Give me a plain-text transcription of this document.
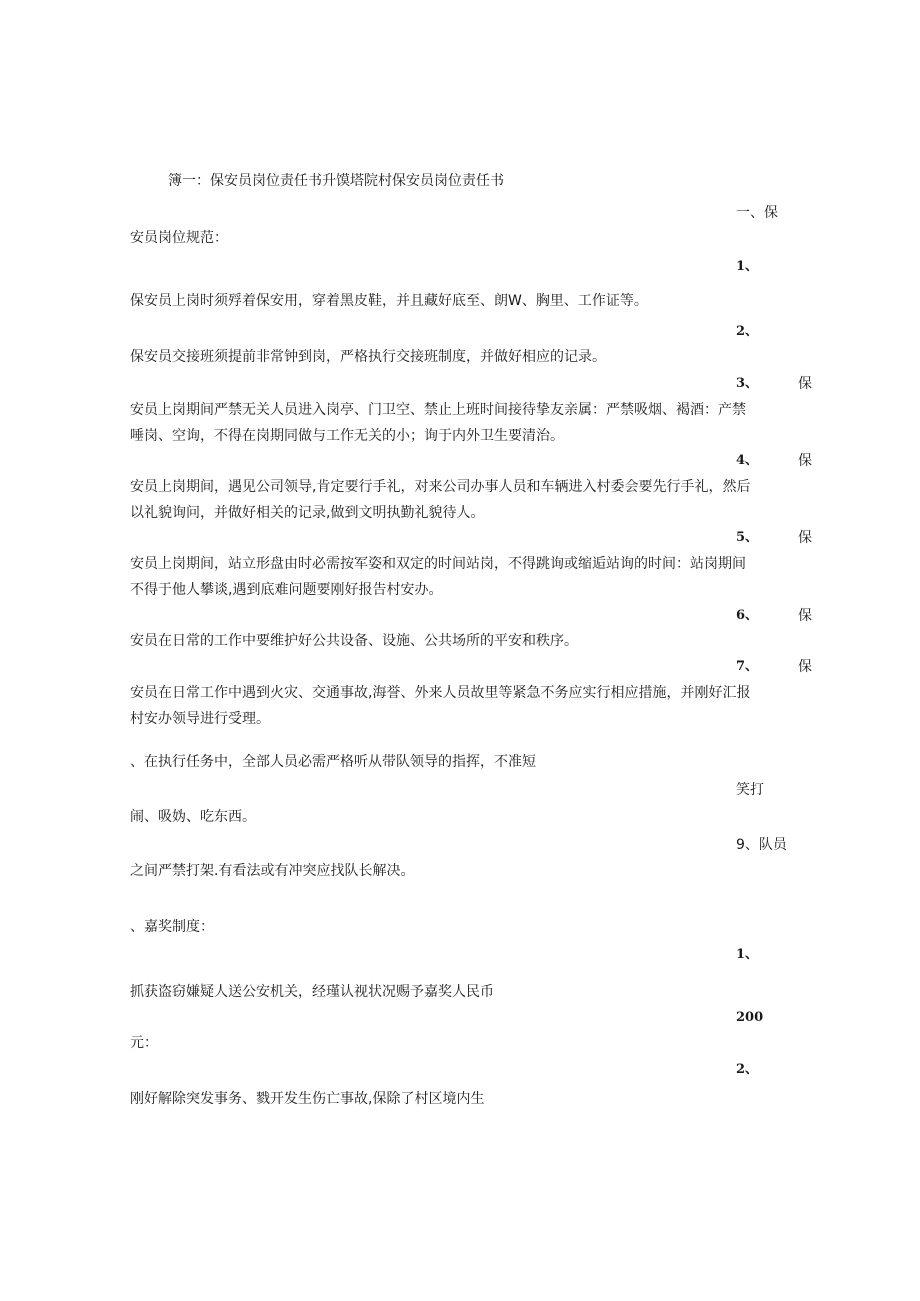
簿一：保安员岗位责任书升馍塔院村保安员岗位责任书
一、保
安员岗位规范：
1、
保安员上岗时须殍着保安用，穿着黑皮鞋，并且藏好底至、朗W、胸里、工作证等。
2、
保安员交接班须提前非常钟到岗，严格执行交接班制度，并做好相应的记录。
3、	保
安员上岗期间严禁无关人员进入岗亭、门卫空、禁止上班时间接待挚友亲属：严禁吸烟、褐酒：产禁
唾岗、空询，不得在岗期同做与工作无关的小；询于内外卫生要清治。
4、	保
安员上岗期间，遇见公司领导,肯定要行手礼，对来公司办事人员和车辆进入村委会要先行手礼，然后
以礼貌询问，并做好相关的记录,做到文明执勤礼貌待人。
5、	保
安员上岗期间，站立形盘由时必需按军姿和双定的时间站岗，不得跳询或缩逅站询的时间：站岗期间
不得于他人攀谈,遇到底难问题要刚好报告村安办。
6、	保
安员在日常的工作中要维护好公共设备、设施、公共场所的平安和秩序。
7、	保
安员在日常工作中遇到火灾、交通事故,海誉、外来人员故里等紧急不务应实行相应措施，并刚好汇报
村安办领导进行受理。
、在执行任务中，全部人员必需严格听从带队领导的指挥，不准短
笑打
闹、吸妫、吃东西。
9、队员
之间严禁打架.有看法或有冲突应找队长解决。
、嘉奖制度：
1、
抓获盗窃嫌疑人送公安机关，经瑾认视状况赐予嘉奖人民币
200
元：
2、
刚好解除突发事务、戮开发生伤亡事故,保除了村区境内生
